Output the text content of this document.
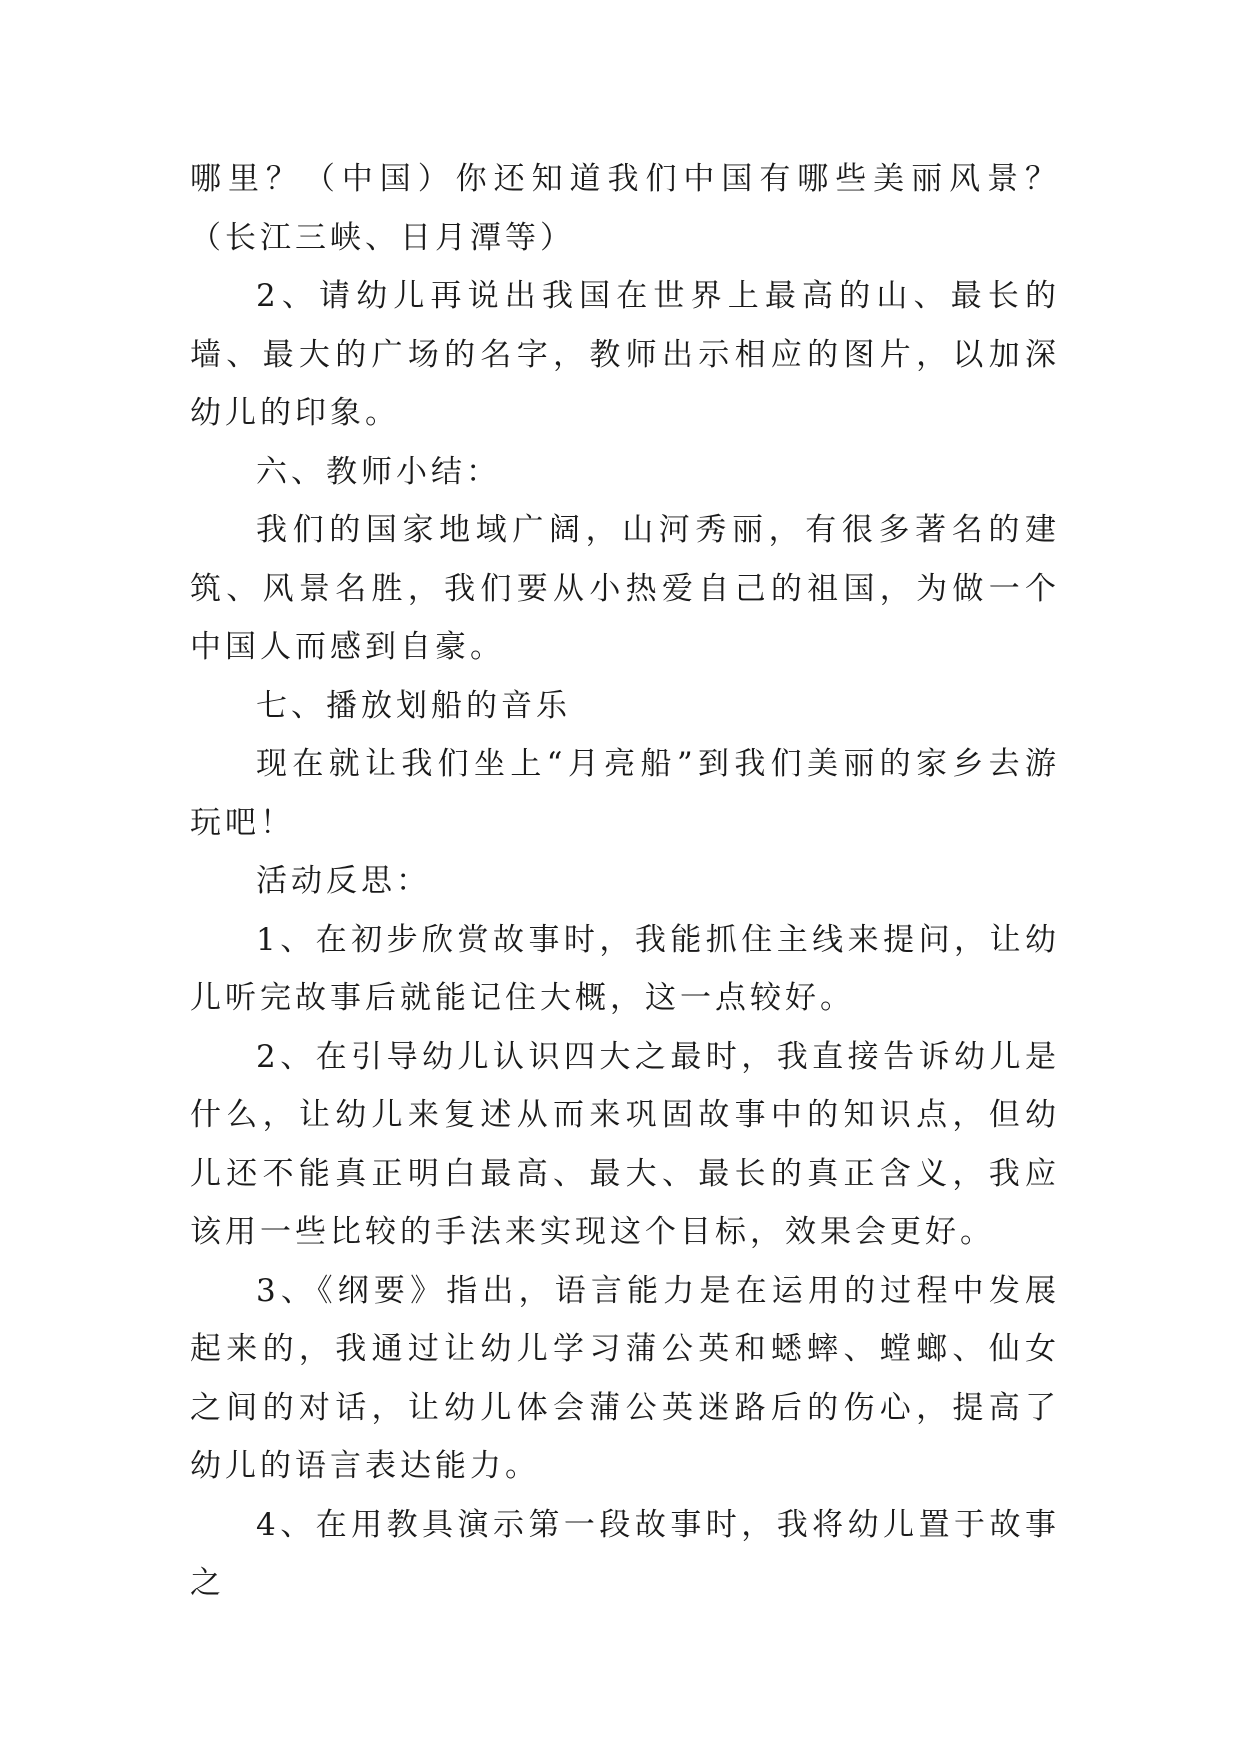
哪里？（中国）你还知道我们中国有哪些美丽风景？（长江三峡、日月潭等）

2、请幼儿再说出我国在世界上最高的山、最长的墙、最大的广场的名字，教师出示相应的图片，以加深幼儿的印象。

六、教师小结：

我们的国家地域广阔，山河秀丽，有很多著名的建筑、风景名胜，我们要从小热爱自己的祖国，为做一个中国人而感到自豪。

七、播放划船的音乐

现在就让我们坐上“月亮船”到我们美丽的家乡去游玩吧！

活动反思：

1、在初步欣赏故事时，我能抓住主线来提问，让幼儿听完故事后就能记住大概，这一点较好。

2、在引导幼儿认识四大之最时，我直接告诉幼儿是什么，让幼儿来复述从而来巩固故事中的知识点，但幼儿还不能真正明白最高、最大、最长的真正含义，我应该用一些比较的手法来实现这个目标，效果会更好。

3、《纲要》指出，语言能力是在运用的过程中发展起来的，我通过让幼儿学习蒲公英和蟋蟀、螳螂、仙女之间的对话，让幼儿体会蒲公英迷路后的伤心，提高了幼儿的语言表达能力。

4、在用教具演示第一段故事时，我将幼儿置于故事之
